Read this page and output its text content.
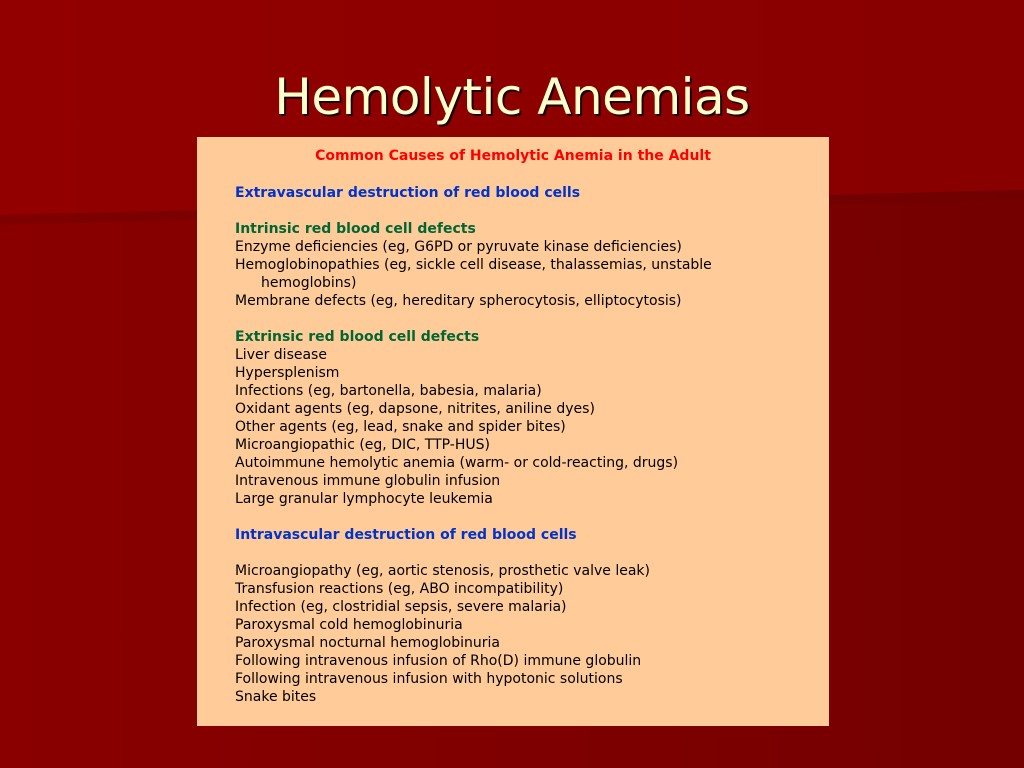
Hemolytic Anemias
Common Causes of Hemolytic Anemia in the Adult
Extravascular destruction of red blood cells
Intrinsic red blood cell defects
Enzyme deficiencies (eg, G6PD or pyruvate kinase deficiencies)
Hemoglobinopathies (eg, sickle cell disease, thalassemias, unstable
hemoglobins)
Membrane defects (eg, hereditary spherocytosis, elliptocytosis)
Extrinsic red blood cell defects
Liver disease
Hypersplenism
Infections (eg, bartonella, babesia, malaria)
Oxidant agents (eg, dapsone, nitrites, aniline dyes)
Other agents (eg, lead, snake and spider bites)
Microangiopathic (eg, DIC, TTP-HUS)
Autoimmune hemolytic anemia (warm- or cold-reacting, drugs)
Intravenous immune globulin infusion
Large granular lymphocyte leukemia
Intravascular destruction of red blood cells
Microangiopathy (eg, aortic stenosis, prosthetic valve leak)
Transfusion reactions (eg, ABO incompatibility)
Infection (eg, clostridial sepsis, severe malaria)
Paroxysmal cold hemoglobinuria
Paroxysmal nocturnal hemoglobinuria
Following intravenous infusion of Rho(D) immune globulin
Following intravenous infusion with hypotonic solutions
Snake bites
